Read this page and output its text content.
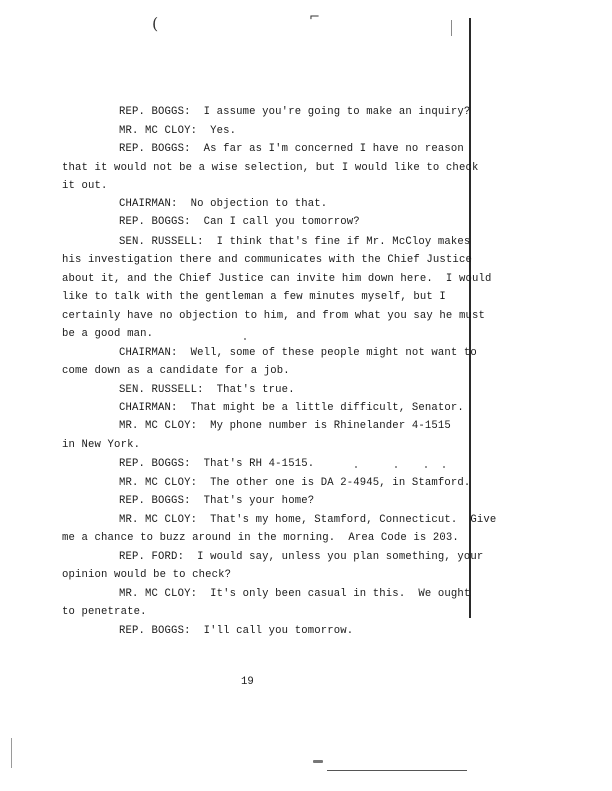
(	⌐
REP. BOGGS:  I assume you're going to make an inquiry?
MR. MC CLOY:  Yes.
REP. BOGGS:  As far as I'm concerned I have no reason
that it would not be a wise selection, but I would like to check
it out.
CHAIRMAN:  No objection to that.
REP. BOGGS:  Can I call you tomorrow?
SEN. RUSSELL:  I think that's fine if Mr. McCloy makes
his investigation there and communicates with the Chief Justice
about it, and the Chief Justice can invite him down here.  I would
like to talk with the gentleman a few minutes myself, but I
certainly have no objection to him, and from what you say he must
be a good man.
CHAIRMAN:  Well, some of these people might not want to
come down as a candidate for a job.
SEN. RUSSELL:  That's true.
CHAIRMAN:  That might be a little difficult, Senator.
MR. MC CLOY:  My phone number is Rhinelander 4-1515
in New York.
REP. BOGGS:  That's RH 4-1515.
MR. MC CLOY:  The other one is DA 2-4945, in Stamford.
REP. BOGGS:  That's your home?
MR. MC CLOY:  That's my home, Stamford, Connecticut.  Give
me a chance to buzz around in the morning.  Area Code is 203.
REP. FORD:  I would say, unless you plan something, your
opinion would be to check?
MR. MC CLOY:  It's only been casual in this.  We ought
to penetrate.
REP. BOGGS:  I'll call you tomorrow.
19
